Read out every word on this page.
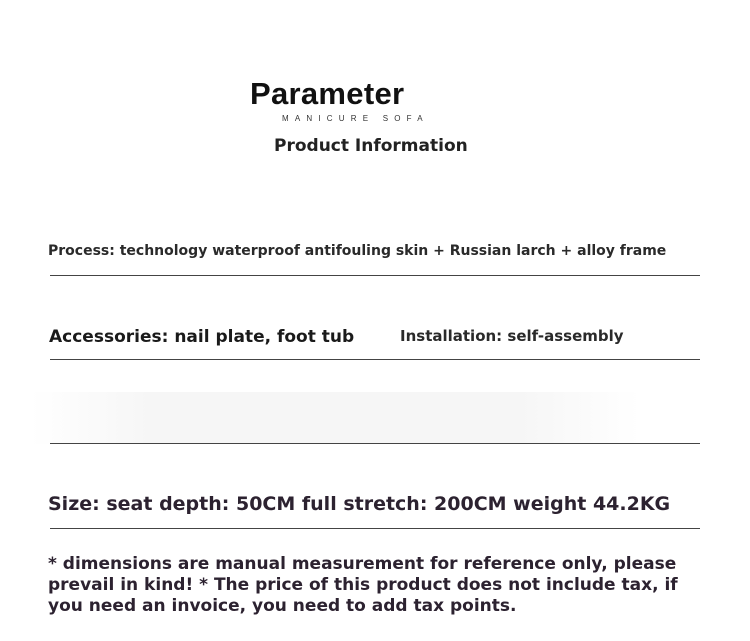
Parameter
MANICURE SOFA
Product Information
Process: technology waterproof antifouling skin + Russian larch + alloy frame
Accessories: nail plate, foot tub	Installation: self-assembly
Size: seat depth: 50CM full stretch: 200CM weight 44.2KG
* dimensions are manual measurement for reference only, please prevail in kind! * The price of this product does not include tax, if you need an invoice, you need to add tax points.
